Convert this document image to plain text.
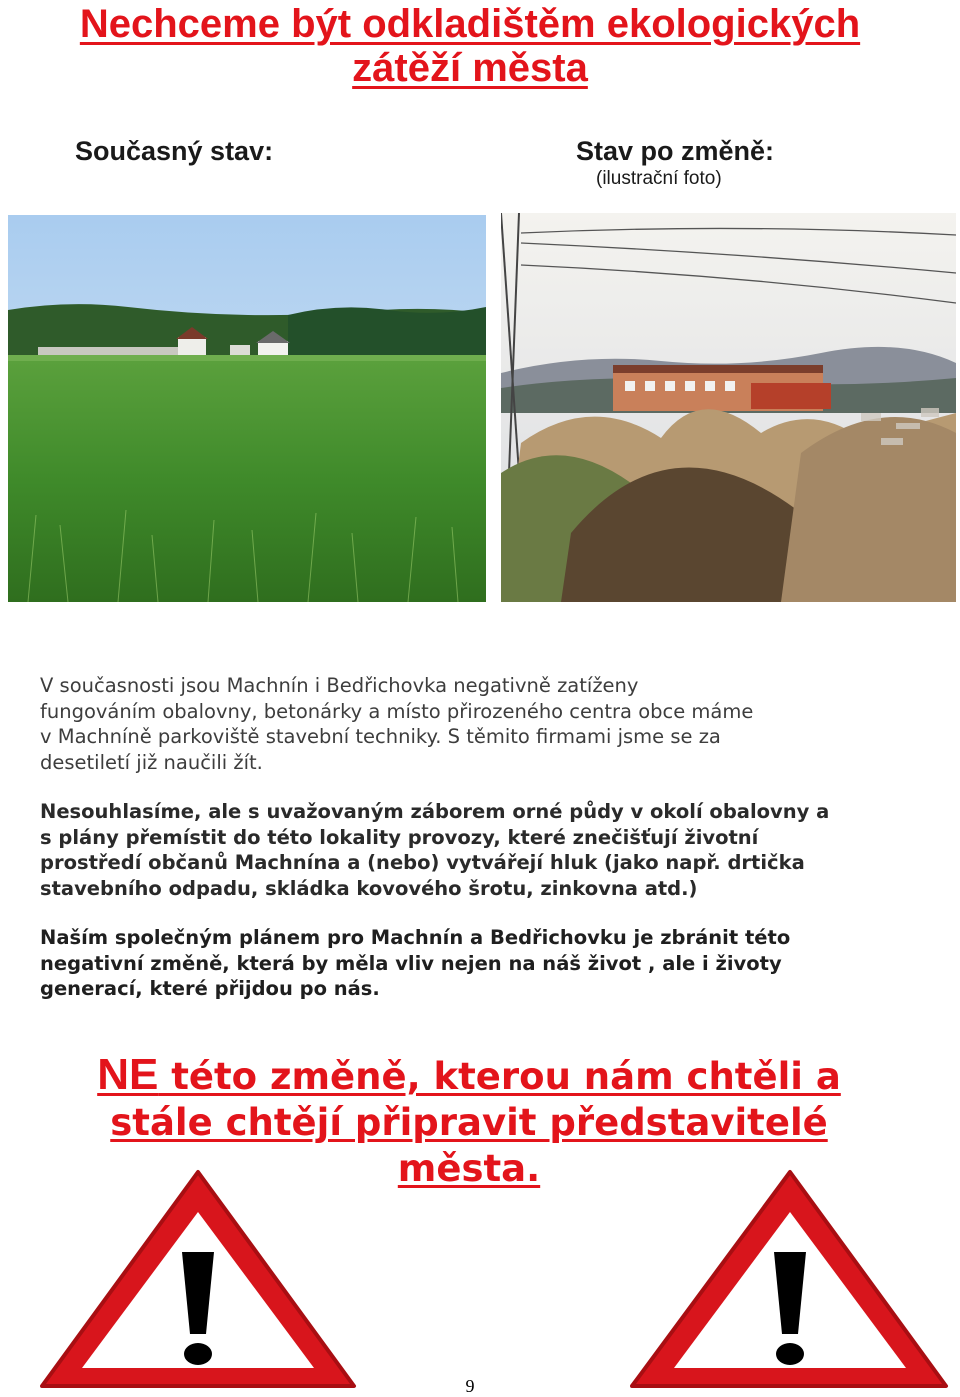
Nechceme být odkladištěm ekologických
zátěží města
Současný stav:	Stav po změně:
(ilustrační foto)
V současnosti jsou Machnín i Bedřichovka negativně zatíženy
fungováním obalovny, betonárky a místo přirozeného centra obce máme
v Machníně parkoviště stavební techniky. S těmito firmami jsme se za
desetiletí již naučili žít.
Nesouhlasíme, ale s uvažovaným záborem orné půdy v okolí obalovny a
s plány přemístit do této lokality provozy, které znečišťují životní
prostředí občanů Machnína a (nebo) vytvářejí hluk (jako např. drtička
stavebního odpadu, skládka kovového šrotu, zinkovna atd.)
Naším společným plánem pro Machnín a Bedřichovku je zbránit této
negativní změně, která by měla vliv nejen na náš život , ale i životy
generací, které přijdou po nás.
NE této změně, kterou nám chtěli a
stále chtějí připravit představitelé
města.
9
